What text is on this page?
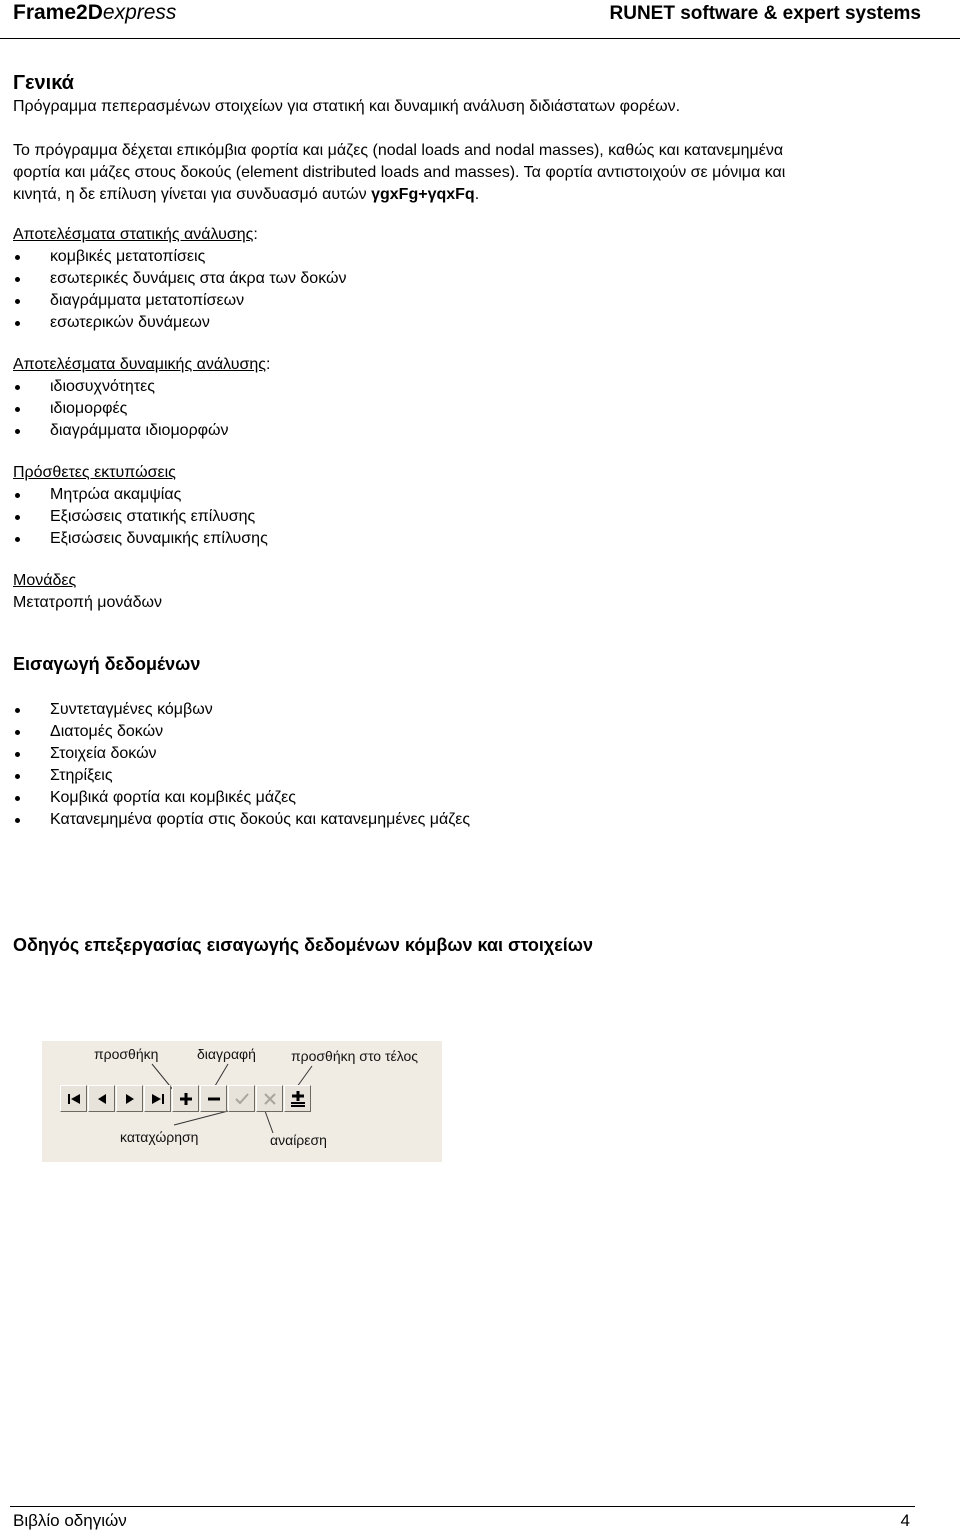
Frame2Dexpress	RUNET software & expert systems
Γενικά
Πρόγραμμα πεπερασμένων στοιχείων για στατική και δυναμική ανάλυση διδιάστατων φορέων.
Το πρόγραμμα δέχεται επικόμβια φορτία και μάζες (nodal loads and nodal masses), καθώς και κατανεμημένα
φορτία και μάζες στους δοκούς (element distributed loads and masses). Τα φορτία αντιστοιχούν σε μόνιμα και
κινητά, η δε επίλυση γίνεται για συνδυασμό αυτών γgxFg+γqxFq.
Αποτελέσματα στατικής ανάλυσης:
κομβικές μετατοπίσεις
εσωτερικές δυνάμεις στα άκρα των δοκών
διαγράμματα μετατοπίσεων
εσωτερικών δυνάμεων
Αποτελέσματα δυναμικής ανάλυσης:
ιδιοσυχνότητες
ιδιομορφές
διαγράμματα ιδιομορφών
Πρόσθετες εκτυπώσεις
Μητρώα ακαμψίας
Εξισώσεις στατικής επίλυσης
Εξισώσεις δυναμικής επίλυσης
Μονάδες
Μετατροπή μονάδων
Εισαγωγή δεδομένων
Συντεταγμένες κόμβων
Διατομές δοκών
Στοιχεία δοκών
Στηρίξεις
Κομβικά φορτία και κομβικές μάζες
Κατανεμημένα φορτία στις δοκούς και κατανεμημένες μάζες
Οδηγός επεξεργασίας εισαγωγής δεδομένων κόμβων και στοιχείων
προσθήκη	διαγραφή	προσθήκη στο τέλος
καταχώρηση	αναίρεση
Βιβλίο οδηγιών	4
